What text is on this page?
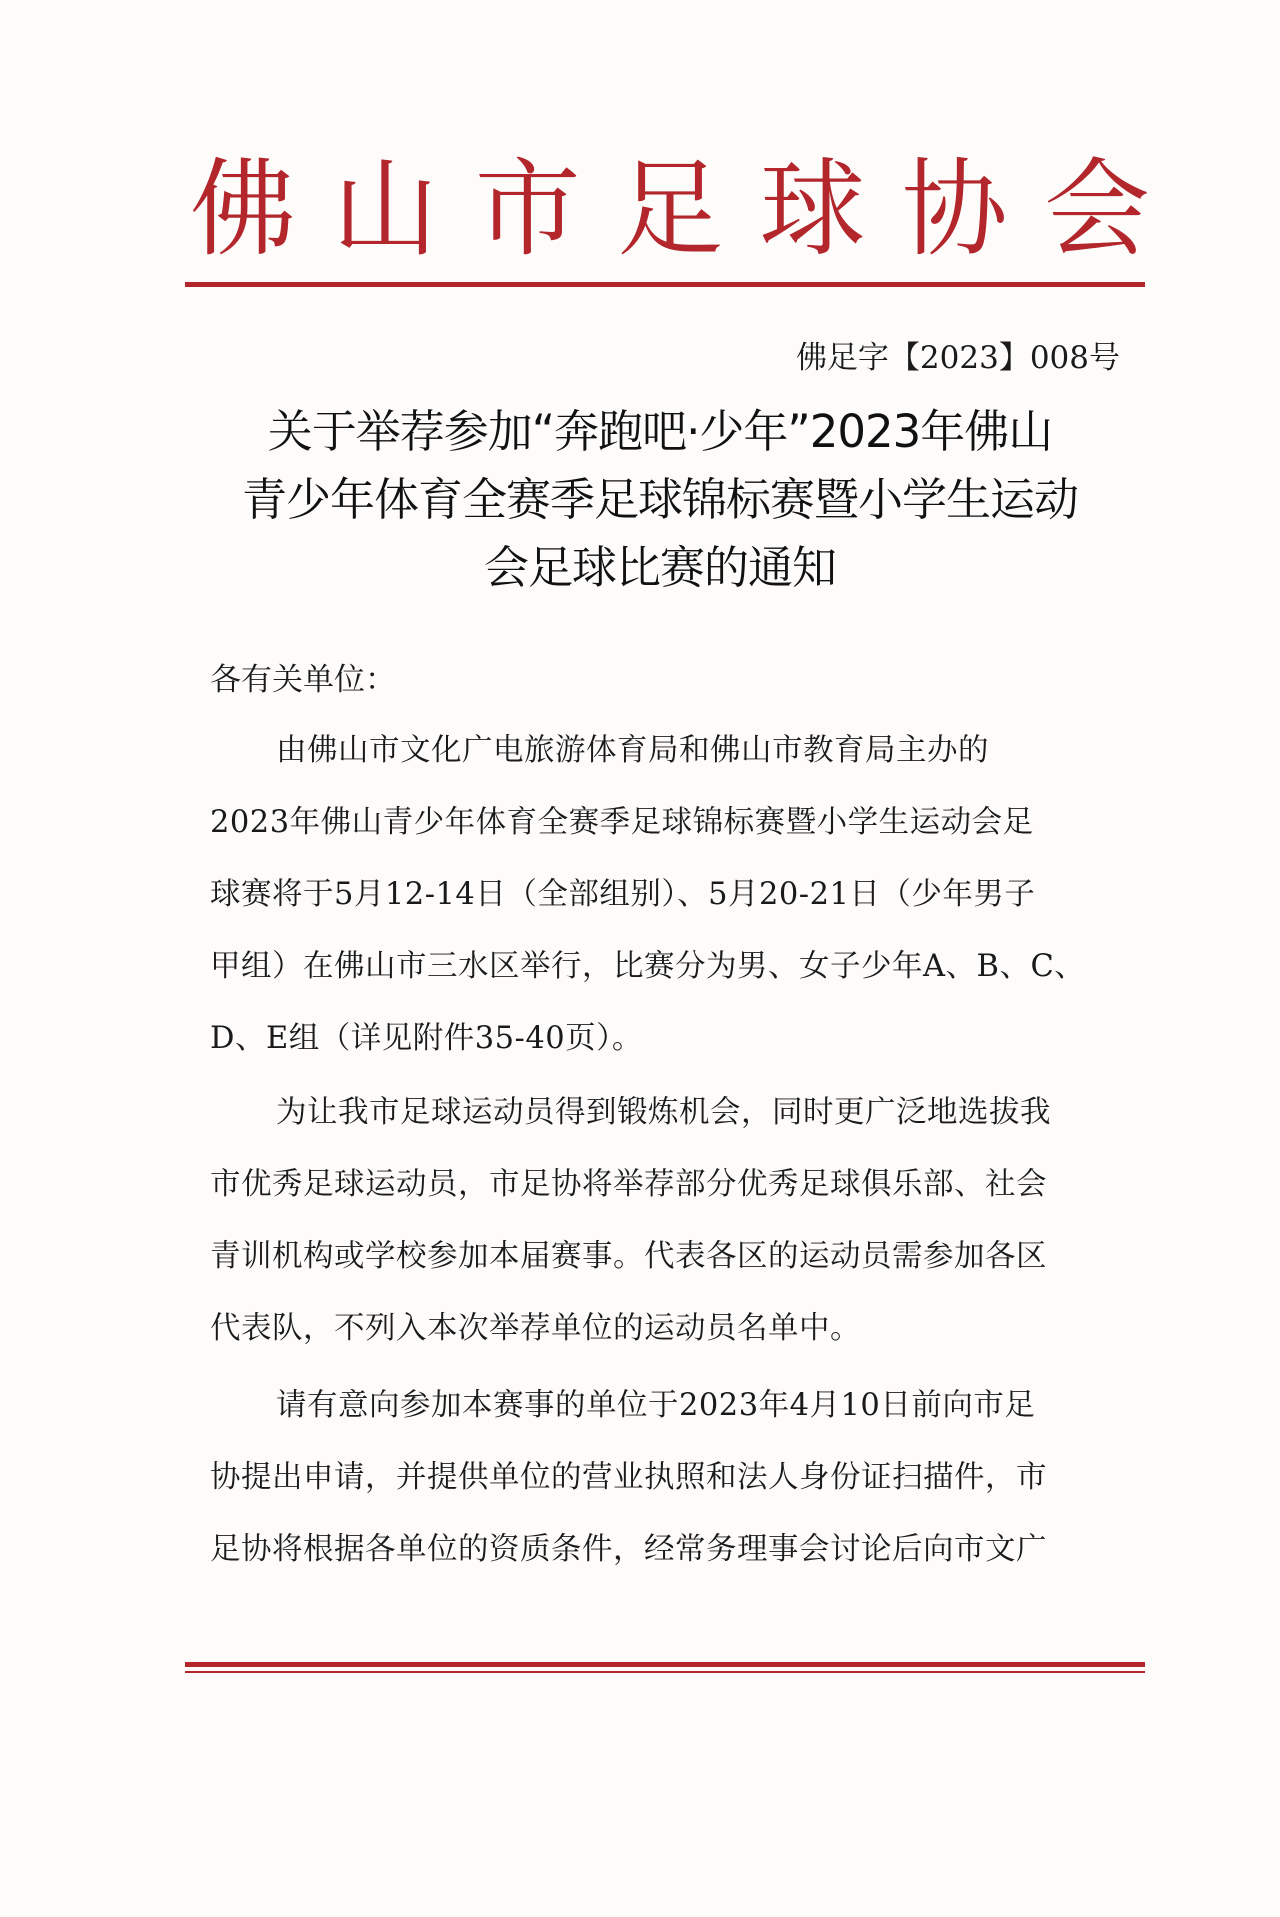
佛 山 市 足 球 协 会
佛足字【2023】008号
关于举荐参加“奔跑吧·少年”2023年佛山
青少年体育全赛季足球锦标赛暨小学生运动
会足球比赛的通知
各有关单位：

由佛山市文化广电旅游体育局和佛山市教育局主办的
2023年佛山青少年体育全赛季足球锦标赛暨小学生运动会足
球赛将于5月12-14日（全部组别）、5月20-21日（少年男子
甲组）在佛山市三水区举行，比赛分为男、女子少年A、B、C、
D、E组（详见附件35-40页）。

为让我市足球运动员得到锻炼机会，同时更广泛地选拔我
市优秀足球运动员，市足协将举荐部分优秀足球俱乐部、社会
青训机构或学校参加本届赛事。代表各区的运动员需参加各区
代表队，不列入本次举荐单位的运动员名单中。

请有意向参加本赛事的单位于2023年4月10日前向市足
协提出申请，并提供单位的营业执照和法人身份证扫描件，市
足协将根据各单位的资质条件，经常务理事会讨论后向市文广
